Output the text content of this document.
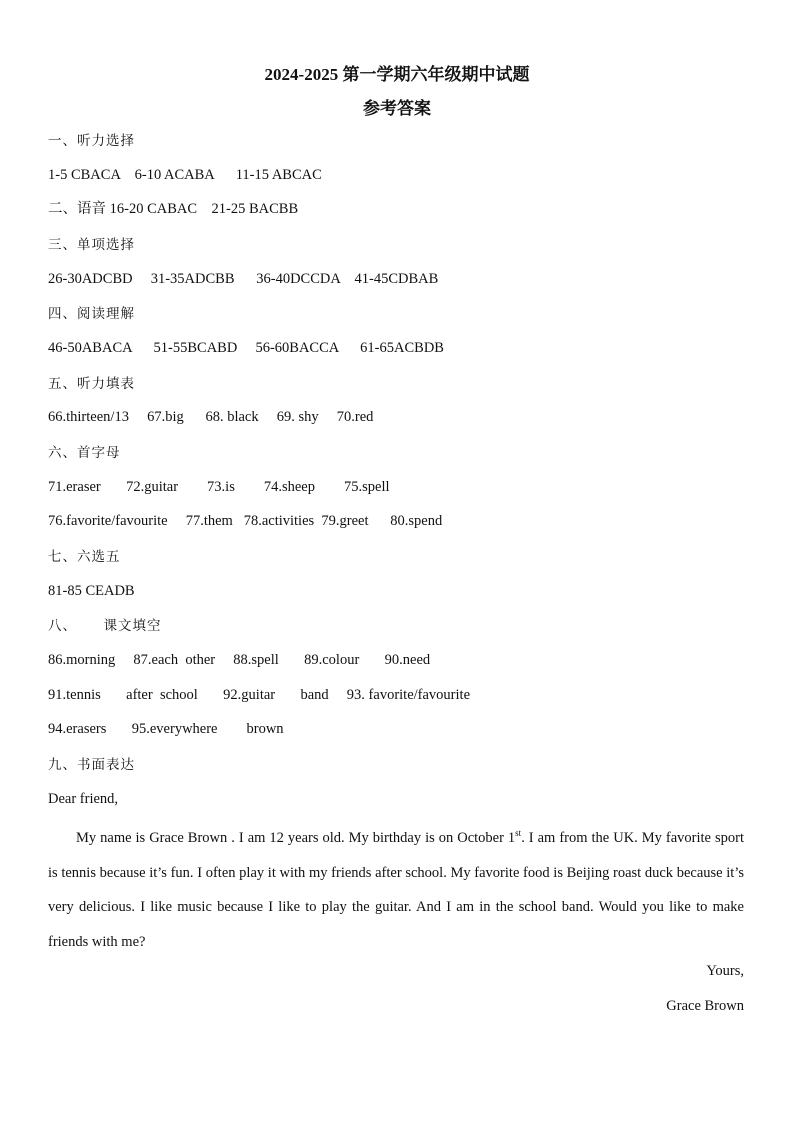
2024-2025 第一学期六年级期中试题
参考答案
一、听力选择
1-5 CBACA    6-10 ACABA      11-15 ABCAC
二、语音 16-20 CABAC    21-25 BACBB
三、单项选择
26-30ADCBD     31-35ADCBB      36-40DCCDA    41-45CDBAB
四、阅读理解
46-50ABACA      51-55BCABD     56-60BACCA      61-65ACBDB
五、听力填表
66.thirteen/13     67.big      68. black     69. shy     70.red
六、首字母
71.eraser       72.guitar        73.is        74.sheep        75.spell
76.favorite/favourite     77.them   78.activities  79.greet      80.spend
七、六选五
81-85 CEADB
八、     课文填空
86.morning     87.each  other     88.spell       89.colour       90.need
91.tennis       after  school       92.guitar       band     93. favorite/favourite
94.erasers       95.everywhere        brown
九、书面表达
Dear friend,

My name is Grace Brown . I am 12 years old. My birthday is on October 1st. I am from the UK. My favorite sport is tennis because it’s fun. I often play it with my friends after school. My favorite food is Beijing roast duck because it’s very delicious. I like music because I like to play the guitar. And I am in the school band. Would you like to make friends with me?

Yours,
Grace Brown
